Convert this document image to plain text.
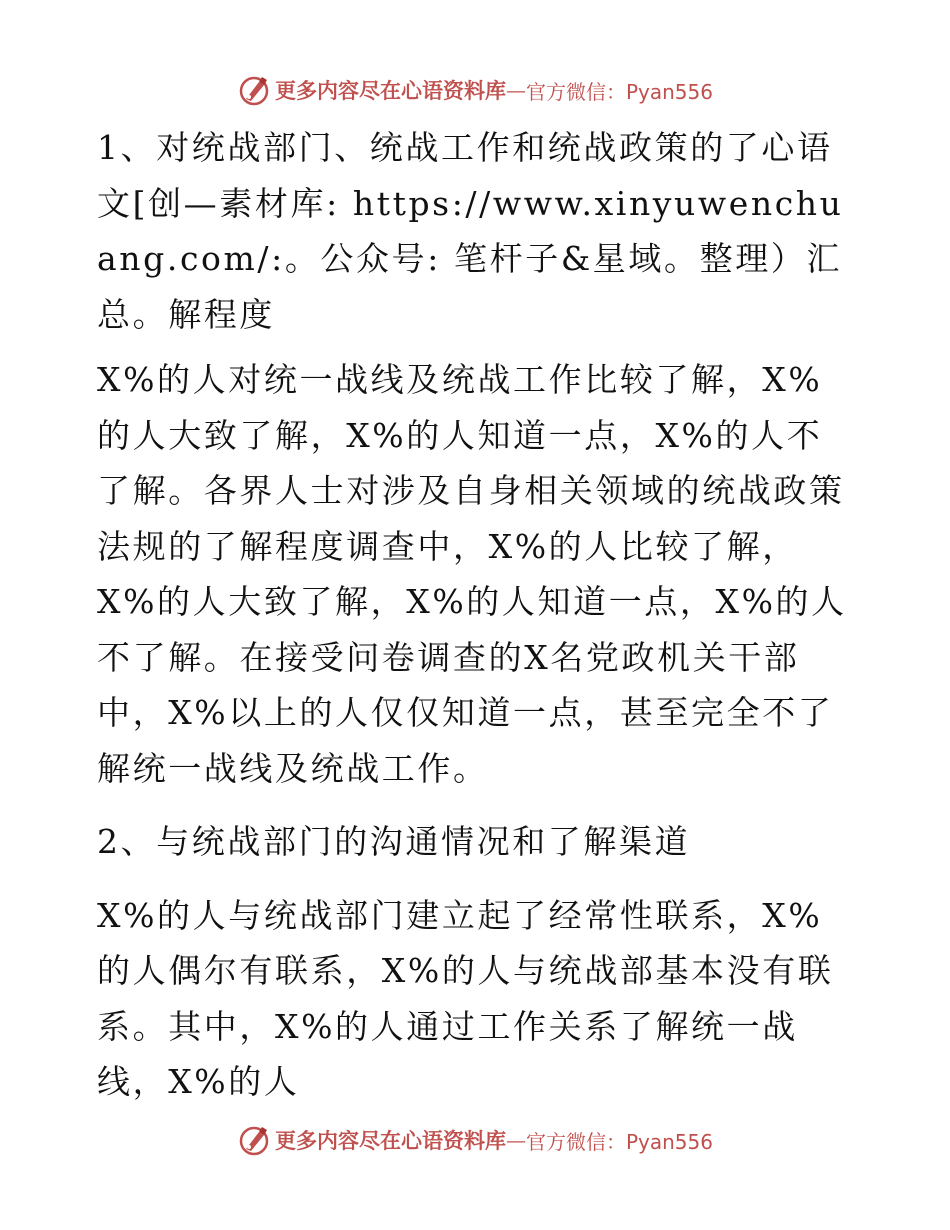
更多内容尽在心语资料库 — 官方微信：Pyan556

1、对统战部门、统战工作和统战政策的了心语文[创—素材库: https://www.xinyuwenchuang.com/:。公众号: 笔杆子&星域。整理）汇总。解程度

X%的人对统一战线及统战工作比较了解，X%的人大致了解，X%的人知道一点，X%的人不了解。各界人士对涉及自身相关领域的统战政策法规的了解程度调查中，X%的人比较了解，X%的人大致了解，X%的人知道一点，X%的人不了解。在接受问卷调查的X名党政机关干部中，X%以上的人仅仅知道一点，甚至完全不了解统一战线及统战工作。

2、与统战部门的沟通情况和了解渠道

X%的人与统战部门建立起了经常性联系，X%的人偶尔有联系，X%的人与统战部基本没有联系。其中，X%的人通过工作关系了解统一战线，X%的人

更多内容尽在心语资料库 — 官方微信：Pyan556
